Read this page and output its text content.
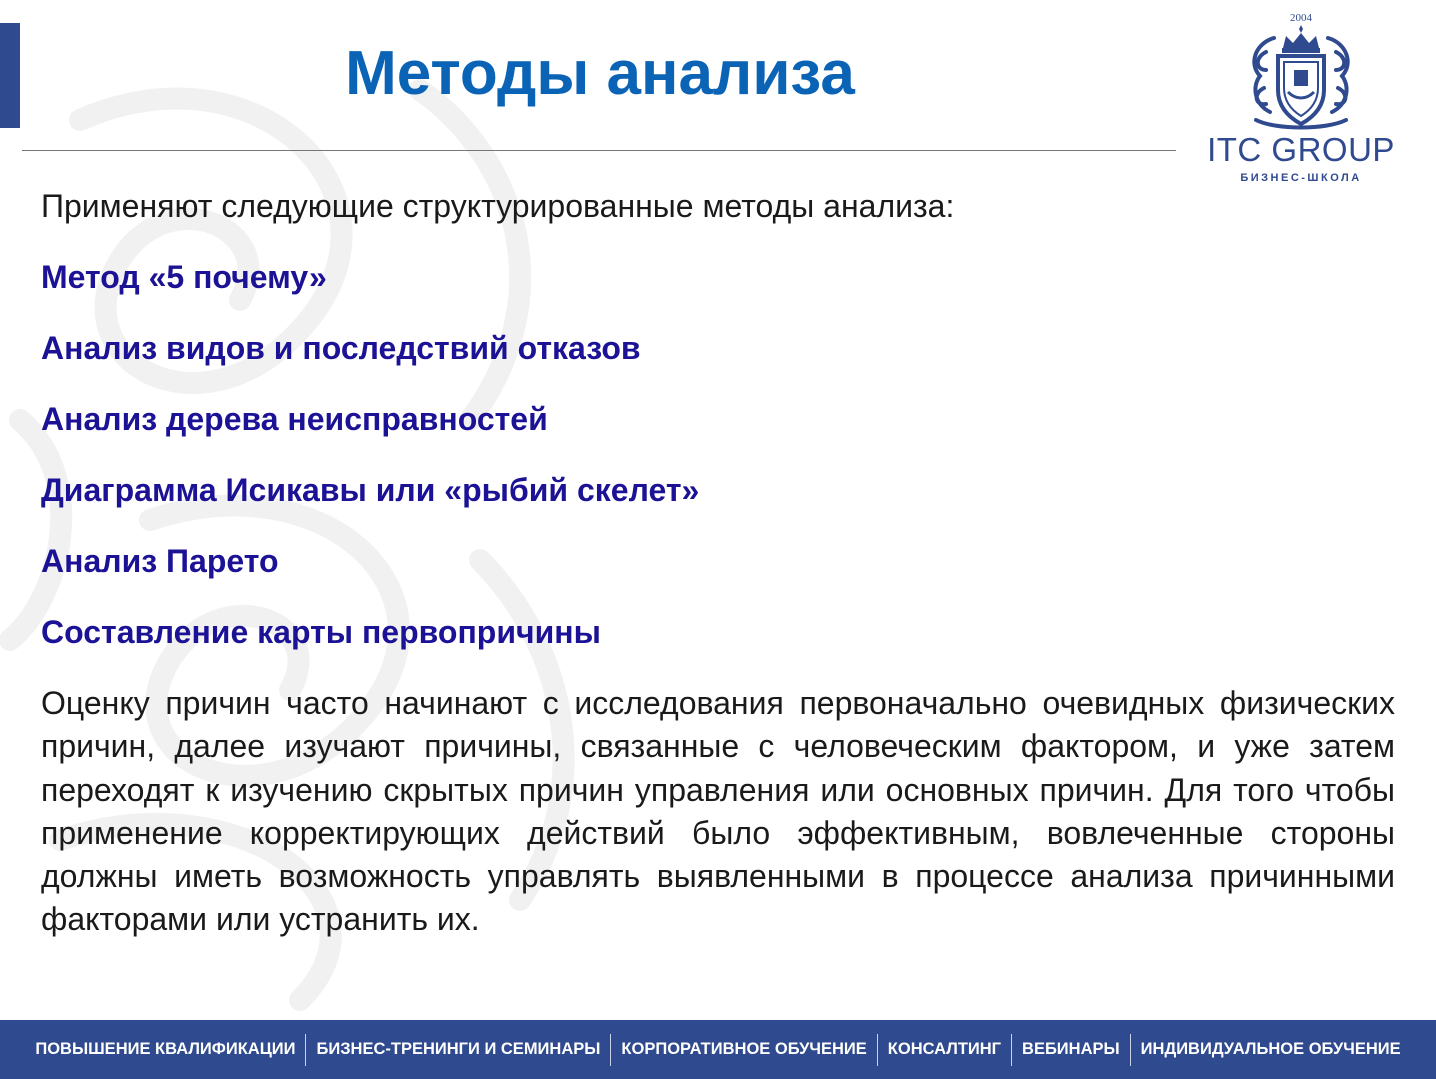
Методы анализа
2004
ITC GROUP
БИЗНЕС-ШКОЛА

Применяют следующие структурированные методы анализа:

Метод «5 почему»
Анализ видов и последствий отказов
Анализ дерева неисправностей
Диаграмма Исикавы или «рыбий скелет»
Анализ Парето
Составление карты первопричины

Оценку причин часто начинают с исследования первоначально очевидных физических причин, далее изучают причины, связанные с человеческим фактором, и уже затем переходят к изучению скрытых причин управления или основных причин. Для того чтобы применение корректирующих действий было эффективным, вовлеченные стороны должны иметь возможность управлять выявленными в процессе анализа причинными факторами или устранить их.

ПОВЫШЕНИЕ КВАЛИФИКАЦИИ	БИЗНЕС-ТРЕНИНГИ И СЕМИНАРЫ	КОРПОРАТИВНОЕ ОБУЧЕНИЕ	КОНСАЛТИНГ	ВЕБИНАРЫ	ИНДИВИДУАЛЬНОЕ ОБУЧЕНИЕ
